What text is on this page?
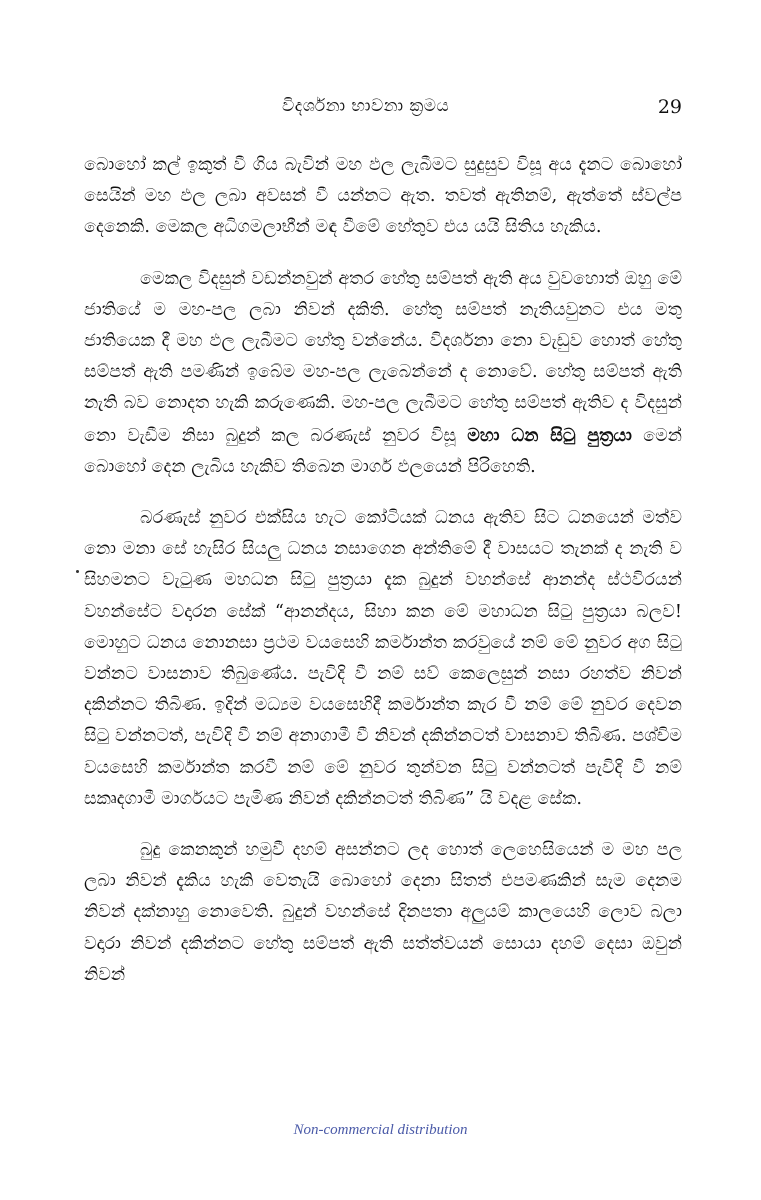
විදර්ශනා භාවනා ක්‍රමය	29

බොහෝ කල් ඉකුත් වී ගිය බැවින් මහ ඵල ලැබීමට සුදුසුව විසූ අය දැනට බොහෝ සෙයින් මහ ඵල ලබා අවසන් වී යන්නට ඇත. තවත් ඇතිනම්, ඇත්තේ ස්වල්ප දෙනෙකි. මෙකල අධිගමලාභීන් මඳ වීමේ හේතුව එය යයි සිතිය හැකිය.

මෙකල විදසුන් වඩන්නවුන් අතර හේතු සම්පත් ඇති අය වුවහොත් ඔහු මේ ජාතියේ ම මහ-පල ලබා නිවන් දකිති. හේතු සම්පත් නැතියවුනට එය මතු ජාතියෙක දී මහ ඵල ලැබීමට හේතු වන්නේය. විදර්ශනා නො වැඩුව හොත් හේතු සම්පත් ඇති පමණින් ඉබේම මහ-පල ලැබෙන්නේ ද නොවේ. හේතු සම්පත් ඇති නැති බව නොදත හැකි කරුණෙකි. මහ-පල ලැබීමට හේතු සම්පත් ඇතිව ද විදසුන් නො වැඩීම නිසා බුදුන් කල බරණැස් නුවර විසූ මහා ධන සිටු පුත්‍රයා මෙන් බොහෝ දෙන ලැබිය හැකිව තිබෙන මාර්ග ඵලයෙන් පිරිහෙති.

බරණැස් නුවර එක්සිය හැට කෝටියක් ධනය ඇතිව සිට ධනයෙන් මත්ව නො මනා සේ හැසිර සියලු ධනය නසාගෙන අන්තිමේ දී වාසයට තැනක් ද නැති ව සිහමනට වැටුණ මහධන සිටු පුත්‍රයා දැක බුදුන් වහන්සේ ආනන්ද ස්ථවිරයන් වහන්සේට වදාරන සේක් “ආනන්දය, සිහා කන මේ මහාධන සිටු පුත්‍රයා බලව! මොහුට ධනය නොනසා ප්‍රථම වයසෙහි කර්මාන්ත කරවුයේ නම් මේ නුවර අග සිටු වන්නට වාසනාව තිබුණේය. පැවිදි වී නම් සව් කෙලෙසුන් නසා රහත්ව නිවන් දකින්නට තිබිණ. ඉදින් මධ්‍යම වයසෙහිදී කර්මාන්ත කැර වී නම් මේ නුවර දෙවන සිටු වන්නටත්, පැවිදි වී නම් අනාගාමී වී නිවන් දකින්නටත් වාසනාව තිබිණ. පශ්චිම වයසෙහි කර්මාන්ත කරවී නම් මේ නුවර තුන්වන සිටු වන්නටත් පැවිදි වී නම් සකෘදගාමී මාර්ගයට පැමිණ නිවන් දකින්නටත් තිබිණ” යි වදළ සේක.

බුදු කෙනකුන් හමුවී දහම් අසන්නට ලද හොත් ලෙහෙසියෙන් ම මහ පල ලබා නිවන් දැකිය හැකි වෙතැයි බොහෝ දෙනා සිතත් එපමණකින් සැම දෙනම නිවන් දක්නාහු නොවෙති. බුදුන් වහන්සේ දිනපතා අලුයම් කාලයෙහි ලොව බලා වදාරා නිවන් දකින්නට හේතු සම්පත් ඇති සත්ත්වයන් සොයා දහම් දෙසා ඔවුන් නිවන්

Non-commercial distribution
